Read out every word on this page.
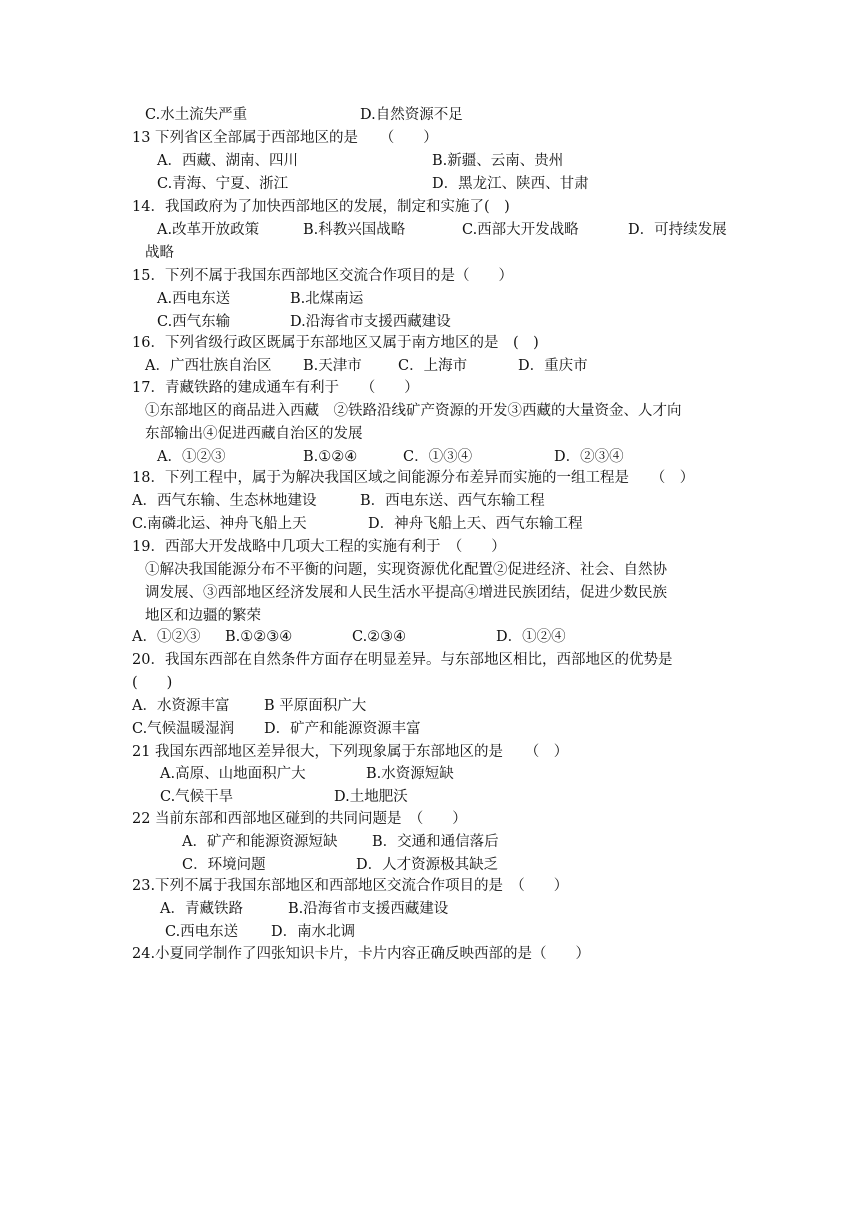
C.水土流失严重	D.自然资源不足
13 下列省区全部属于西部地区的是　　（　　）
A．西藏、湖南、四川	B.新疆、云南、贵州
C.青海、宁夏、浙江	D．黑龙江、陕西、甘肃
14．我国政府为了加快西部地区的发展，制定和实施了(　)
A.改革开放政策	B.科教兴国战略	C.西部大开发战略	D．可持续发展
战略
15．下列不属于我国东西部地区交流合作项目的是（　　）
A.西电东送	B.北煤南运
C.西气东输	D.沿海省市支援西藏建设
16．下列省级行政区既属于东部地区又属于南方地区的是　(　)
A．广西壮族自治区 B.天津市 C．上海市	D．重庆市
17．青藏铁路的建成通车有利于　　（　　）
①东部地区的商品进入西藏　②铁路沿线矿产资源的开发③西藏的大量资金、人才向
东部输出④促进西藏自治区的发展
A．①②③	B.①②④	C．①③④	D．②③④
18．下列工程中，属于为解决我国区域之间能源分布差异而实施的一组工程是　　（　）
A．西气东输、生态林地建设	B．西电东送、西气东输工程
C.南磷北运、神舟飞船上天	D．神舟飞船上天、西气东输工程
19．西部大开发战略中几项大工程的实施有利于　（　　）
①解决我国能源分布不平衡的问题，实现资源优化配置②促进经济、社会、自然协
调发展、③西部地区经济发展和人民生活水平提高④增进民族团结，促进少数民族
地区和边疆的繁荣
A．①②③ B.①②③④	C.②③④	D．①②④
20．我国东西部在自然条件方面存在明显差异。与东部地区相比，西部地区的优势是
(　　)
A．水资源丰富 B 平原面积广大
C.气候温暖湿润 D．矿产和能源资源丰富
21 我国东西部地区差异很大，下列现象属于东部地区的是　　（　）
A.高原、山地面积广大	B.水资源短缺
C.气候干旱	D.土地肥沃
22 当前东部和西部地区碰到的共同问题是　（　　）
A．矿产和能源资源短缺 B．交通和通信落后
C．环境问题	D．人才资源极其缺乏
23.下列不属于我国东部地区和西部地区交流合作项目的是　（　　）
A．青藏铁路	B.沿海省市支援西藏建设
C.西电东送 D．南水北调
24.小夏同学制作了四张知识卡片，卡片内容正确反映西部的是（　　）
